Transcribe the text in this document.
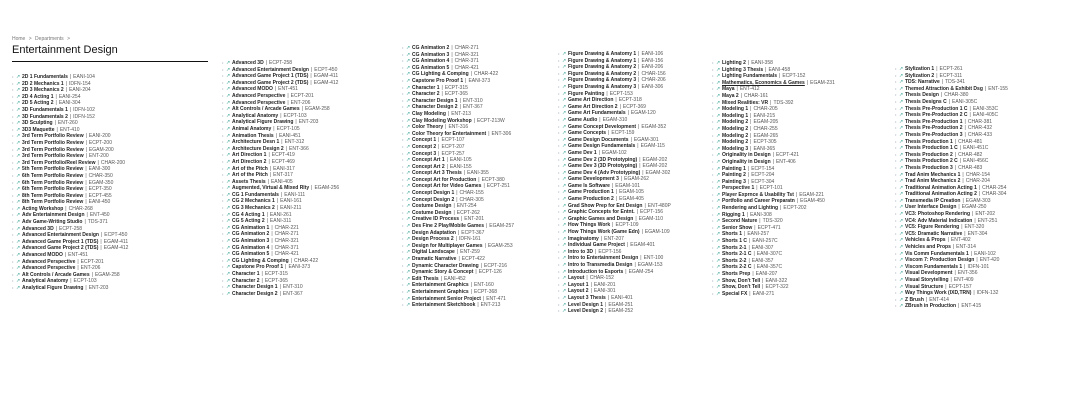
Home > Departments >
Entertainment Design
• ↗ 2D 1 Fundamentals | EANI-104
• ↗ 2D 2 Mechanics 1 | IDFN-154
• ↗ 2D 3 Mechanics 2 | EANI-204
• ↗ 2D 4 Acting 1 | EANI-254
• ↗ 2D 5 Acting 2 | EANI-304
• ↗ 3D Fundamentals 1 | IDFN-102
• ↗ 3D Fundamentals 2 | IDFN-152
• ↗ 3D Sculpting | ENT-260
• ↗ 3D3 Maquette | ENT-410
• ↗ 3rd Term Portfolio Review | EANI-200
• ↗ 3rd Term Portfolio Review | ECPT-200
• ↗ 3rd Term Portfolio Review | EGAM-200
• ↗ 3rd Term Portfolio Review | ENT-200
• ↗ 3rd Term Portfolio/Reel Review | CHAR-200
• ↗ 5th Term Portfolio Review | EANI-300
• ↗ 6th Term Portfolio Review | CHAR-350
• ↗ 6th Term Portfolio Review | EGAM-350
• ↗ 6th Term Portfolio Review | ECPT-350
• ↗ 8th Term Portfolio Review | ECPT-455
• ↗ 8th Term Portfolio Review | EANI-450
• ↗ Acting Workshop | CHAR-268
• ↗ Adv Entertainment Design | ENT-450
• ↗ Adv Game-Writing Studio | TDS-371
• ↗ Advanced 3D | ECPT-258
• ↗ Advanced Entertainment Design | ECPT-450
• ↗ Advanced Game Project 1 (TDS) | EGAM-411
• ↗ Advanced Game Project 2 (TDS) | EGAM-412
• ↗ Advanced MODO | ENT-451
• ↗ Advanced Perspective | ECPT-201
• ↗ Advanced Perspective | ENT-206
• ↗ Alt Controls / Arcade Games | EGAM-258
• ↗ Analytical Anatomy | ECPT-103
• ↗ Analytical Figure Drawing | ENT-203
• ↗ Advanced 3D | ECPT-258
• ↗ Advanced Entertainment Design | ECPT-450
• ↗ Advanced Game Project 1 (TDS) | EGAM-411
• ↗ Advanced Game Project 2 (TDS) | EGAM-412
• ↗ Advanced MODO | ENT-451
• ↗ Advanced Perspective | ECPT-201
• ↗ Advanced Perspective | ENT-206
• ↗ Alt Controls / Arcade Games | EGAM-258
• ↗ Analytical Anatomy | ECPT-103
• ↗ Analytical Figure Drawing | ENT-203
• ↗ Animal Anatomy | ECPT-105
• ↗ Animation Thesis | EANI-451
• ↗ Architecture Desn 1 | ENT-312
• ↗ Architecture Design 2 | ENT-366
• ↗ Art Direction 1 | ECPT-419
• ↗ Art Direction 2 | ECPT-469
• ↗ Art of the Pitch | EANI-317
• ↗ Art of the Pitch | ENT-317
• ↗ Assets Thesis | EANI-405
• ↗ Augmented, Virtual & Mixed Rlty | EGAM-256
• ↗ CG 1 Fundamentals | EANI-111
• ↗ CG 2 Mechanics 1 | EANI-161
• ↗ CG 3 Mechanics 2 | EANI-211
• ↗ CG 4 Acting 1 | EANI-261
• ↗ CG 5 Acting 2 | EANI-311
• ↗ CG Animation 1 | CHAR-221
• ↗ CG Animation 2 | CHAR-271
• ↗ CG Animation 3 | CHAR-321
• ↗ CG Animation 4 | CHAR-371
• ↗ CG Animation 5 | CHAR-421
• ↗ CG Lighting & Comping | CHAR-422
• ↗ Capstone Pro Proof 1 | EANI-373
• ↗ Character 1 | ECPT-315
• ↗ Character 2 | ECPT-365
• ↗ Character Design 1 | ENT-310
• ↗ Character Design 2 | ENT-367
• ↗ CG Animation 2 | CHAR-271
• ↗ CG Animation 3 | CHAR-321
• ↗ CG Animation 4 | CHAR-371
• ↗ CG Animation 5 | CHAR-421
• ↗ CG Lighting & Comping | CHAR-422
• ↗ Capstone Pro Proof 1 | EANI-373
• ↗ Character 1 | ECPT-315
• ↗ Character 2 | ECPT-365
• ↗ Character Design 1 | ENT-310
• ↗ Character Design 2 | ENT-367
• ↗ Clay Modeling | ENT-213
• ↗ Clay Modeling Workshop | ECPT-213W
• ↗ Color Theory | ENT-316
• ↗ Color Theory for Entertainment | ENT-306
• ↗ Concept 1 | ECPT-107
• ↗ Concept 2 | ECPT-207
• ↗ Concept 3 | ECPT-257
• ↗ Concept Art 1 | EANI-105
• ↗ Concept Art 2 | EANI-155
• ↗ Concept Art 3 Thesis | EANI-355
• ↗ Concept Art for Production | ECPT-380
• ↗ Concept Art for Video Games | ECPT-251
• ↗ Concept Design 1 | CHAR-155
• ↗ Concept Design 2 | CHAR-305
• ↗ Costume Design | ENT-254
• ↗ Costume Design | ECPT-262
• ↗ Creative ID Process | ENT-201
• ↗ Des Fine 2 Play/Mobile Games | EGAM-257
• ↗ Design Adaptation | ECPT-367
• ↗ Design Process 2 | IDFN-161
• ↗ Design for Multiplayer Games | EGAM-253
• ↗ Digital Landscape | ENT-259
• ↗ Dramatic Narrative | ECPT-422
• ↗ Dynamic Character Drawing | ECPT-216
• ↗ Dynamic Story & Concept | ECPT-126
• ↗ Edit Thesis | EANI-452
• ↗ Entertainment Graphics | ENT-160
• ↗ Entertainment Graphics | ECPT-368
• ↗ Entertainment Senior Project | ENT-471
• ↗ Entertainment Sketchbook | ENT-213
• ↗ Figure Drawing & Anatomy 1 | EANI-106
• ↗ Figure Drawing & Anatomy 1 | EANI-156
• ↗ Figure Drawing & Anatomy 2 | EANI-206
• ↗ Figure Drawing & Anatomy 2 | CHAR-156
• ↗ Figure Drawing & Anatomy 3 | CHAR-206
• ↗ Figure Drawing & Anatomy 3 | EANI-306
• ↗ Figure Painting | ECPT-153
• ↗ Game Art Direction | ECPT-318
• ↗ Game Art Direction 2 | ECPT-369
• ↗ Game Art Fundamentals | EGAM-120
• ↗ Game Audio | EGAM-310
• ↗ Game Concept Development | EGAM-352
• ↗ Game Concepts | ECPT-159
• ↗ Game Design Documents | EGAM-301
• ↗ Game Design Fundamentals | EGAM-115
• ↗ Game Dev 1 | EGAM-102
• ↗ Game Dev 2 (3D Prototyping) | EGAM-202
• ↗ Game Dev 3 (3D Prototyping) | EGAM-202
• ↗ Game Dev 4 (Adv Prototyping) | EGAM-302
• ↗ Game Development 3 | EGAM-262
• ↗ Game Is Software | EGAM-101
• ↗ Game Production 1 | EGAM-105
• ↗ Game Production 2 | EGAM-405
• ↗ Grad Show Prep for Ent Design | ENT-480P
• ↗ Graphic Concepts for Entnt. | ECPT-156
• ↗ Graphic Games and Design | EGAM-110
• ↗ How Things Work | ECPT-109
• ↗ How Things Work (Game Edn) | EGAM-109
• ↗ Imaginatomy | ENT-207
• ↗ Individual Game Project | EGAM-401
• ↗ Intro to 3D | ECPT-156
• ↗ Intro to Entertainment Design | ENT-100
• ↗ Intro to Transmedia Design | EGAM-153
• ↗ Introduction to Esports | EGAM-254
• ↗ Layout | CHAR-152
• ↗ Layout 1 | EANI-201
• ↗ Layout 2 | EANI-301
• ↗ Layout 3 Thesis | EANI-401
• ↗ Level Design 1 | EGAM-251
• ↗ Level Design 2 | EGAM-252
• ↗ Lighting 2 | EANI-358
• ↗ Lighting 3 Thesis | EANI-458
• ↗ Lighting Fundamentals | ECPT-152
• ↗ Mathematics, Economics & Games | EGAM-231
• ↗ Maya | ENT-412
• ↗ Maya 2 | CHAR-161
• ↗ Mixed Realities: VR | TDS-392
• ↗ Modeling 1 | CHAR-205
• ↗ Modeling 1 | EANI-215
• ↗ Modeling 2 | EGAM-205
• ↗ Modeling 2 | CHAR-255
• ↗ Modeling 2 | EGAM-265
• ↗ Modeling 2 | ECPT-305
• ↗ Modeling 3 | EANI-365
• ↗ Originality in Design | ECPT-421
• ↗ Originality in Design | ENT-406
• ↗ Painting 1 | ECPT-154
• ↗ Painting 2 | ECPT-204
• ↗ Painting 3 | ECPT-304
• ↗ Perspective 1 | ECPT-101
• ↗ Player Exprnce & Usability Tst | EGAM-221
• ↗ Portfolio and Career Preparatn | EGAM-450
• ↗ Rendering and Lighting | ECPT-202
• ↗ Rigging 1 | EANI-308
• ↗ Second Nature | TDS-320
• ↗ Senior Show | ECPT-471
• ↗ Shorts 1 | EANI-257
• ↗ Shorts 1 C | EANI-257C
• ↗ Shorts 2-1 | EANI-307
• ↗ Shorts 2-1 C | EANI-307C
• ↗ Shorts 2-2 | EANI-357
• ↗ Shorts 2-2 C | EANI-357C
• ↗ Shorts Prep | EANI-207
• ↗ Show, Don't Tell | EANI-322
• ↗ Show, Don't Tell | ECPT-322
• ↗ Special FX | EANI-271
• ↗ Stylization 1 | ECPT-261
• ↗ Stylization 2 | ECPT-311
• ↗ TDS: Narrative | TDS-341
• ↗ Themed Attraction & Exhibit Dsg | ENT-155
• ↗ Thesis Design | CHAR-380
• ↗ Thesis Designs C | EANI-305C
• ↗ Thesis Pre-Production 1 C | EANI-353C
• ↗ Thesis Pre-Production 2 C | EANI-405C
• ↗ Thesis Pre-Production 1 | CHAR-381
• ↗ Thesis Pre-Production 2 | CHAR-432
• ↗ Thesis Pre-Production 3 | CHAR-433
• ↗ Thesis Production 1 | CHAR-481
• ↗ Thesis Production 1 C | EANI-451C
• ↗ Thesis Production 2 | CHAR-482
• ↗ Thesis Production 2 C | EANI-456C
• ↗ Thesis Production 3 | CHAR-483
• ↗ Trad Anim Mechanics 1 | CHAR-154
• ↗ Trad Anim Mechanics 2 | CHAR-204
• ↗ Traditional Animation Acting 1 | CHAR-254
• ↗ Traditional Animation Acting 2 | CHAR-304
• ↗ Transmedia IP Creation | EGAM-303
• ↗ User Interface Design | EGAM-250
• ↗ VC3: Photoshop Rendering | ENT-202
• ↗ VC4: Adv Material Indication | ENT-251
• ↗ VC5: Figure Rendering | ENT-320
• ↗ VC5: Dramatic Narrative | ENT-304
• ↗ Vehicles & Props | ENT-402
• ↗ Vehicles and Props | ENT-314
• ↗ Vis Comm Fundamentals 1 | EANI-102
• ↗ Viscom 7: Production Design | ENT-420
• ↗ Viscom Fundamentals 1 | IDFN-101
• ↗ Visual Development | ENT-356
• ↗ Visual Storytelling | ENT-409
• ↗ Visual Structure | ECPT-157
• ↗ Way Things Work (IXD,TRN) | IDFN-132
• ↗ Z Brush | ENT-414
• ↗ ZBrush in Production | ENT-415
